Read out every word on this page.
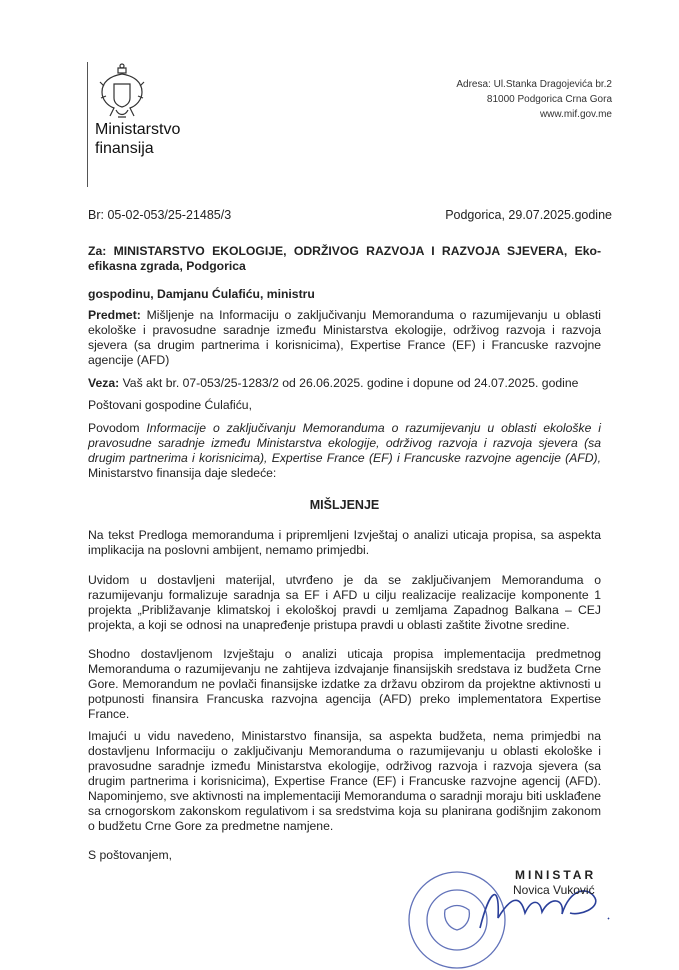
Ministarstvo
finansija
Adresa: Ul.Stanka Dragojevića br.2
81000 Podgorica Crna Gora
www.mif.gov.me
Br: 05-02-053/25-21485/3	Podgorica, 29.07.2025.godine
Za: MINISTARSTVO EKOLOGIJE, ODRŽIVOG RAZVOJA I RAZVOJA SJEVERA, Eko-efikasna zgrada, Podgorica
gospodinu, Damjanu Ćulafiću, ministru
Predmet: Mišljenje na Informaciju o zaključivanju Memoranduma o razumijevanju u oblasti ekološke i pravosudne saradnje između Ministarstva ekologije, održivog razvoja i razvoja sjevera (sa drugim partnerima i korisnicima), Expertise France (EF) i Francuske razvojne agencije (AFD)
Veza: Vaš akt br. 07-053/25-1283/2 od 26.06.2025. godine i dopune od 24.07.2025. godine
Poštovani gospodine Ćulafiću,
Povodom Informacije o zaključivanju Memoranduma o razumijevanju u oblasti ekološke i pravosudne saradnje između Ministarstva ekologije, održivog razvoja i razvoja sjevera (sa drugim partnerima i korisnicima), Expertise France (EF) i Francuske razvojne agencije (AFD), Ministarstvo finansija daje sledeće:
MIŠLJENJE
Na tekst Predloga memoranduma i pripremljeni Izvještaj o analizi uticaja propisa, sa aspekta implikacija na poslovni ambijent, nemamo primjedbi.
Uvidom u dostavljeni materijal, utvrđeno je da se zaključivanjem Memoranduma o razumijevanju formalizuje saradnja sa EF i AFD u cilju realizacije realizacije komponente 1 projekta „Približavanje klimatskoj i ekološkoj pravdi u zemljama Zapadnog Balkana – CEJ projekta, a koji se odnosi na unapređenje pristupa pravdi u oblasti zaštite životne sredine.
Shodno dostavljenom Izvještaju o analizi uticaja propisa implementacija predmetnog Memoranduma o razumijevanju ne zahtijeva izdvajanje finansijskih sredstava iz budžeta Crne Gore. Memorandum ne povlači finansijske izdatke za državu obzirom da projektne aktivnosti u potpunosti finansira Francuska razvojna agencija (AFD) preko implementatora Expertise France.
Imajući u vidu navedeno, Ministarstvo finansija, sa aspekta budžeta, nema primjedbi na dostavljenu Informaciju o zaključivanju Memoranduma o razumijevanju u oblasti ekološke i pravosudne saradnje između Ministarstva ekologije, održivog razvoja i razvoja sjevera (sa drugim partnerima i korisnicima), Expertise France (EF) i Francuske razvojne agencij (AFD). Napominjemo, sve aktivnosti na implementaciji Memoranduma o saradnji moraju biti usklađene sa crnogorskom zakonskom regulativom i sa sredstvima koja su planirana godišnjim zakonom o budžetu Crne Gore za predmetne namjene.
S poštovanjem,
MINISTAR
Novica Vuković
